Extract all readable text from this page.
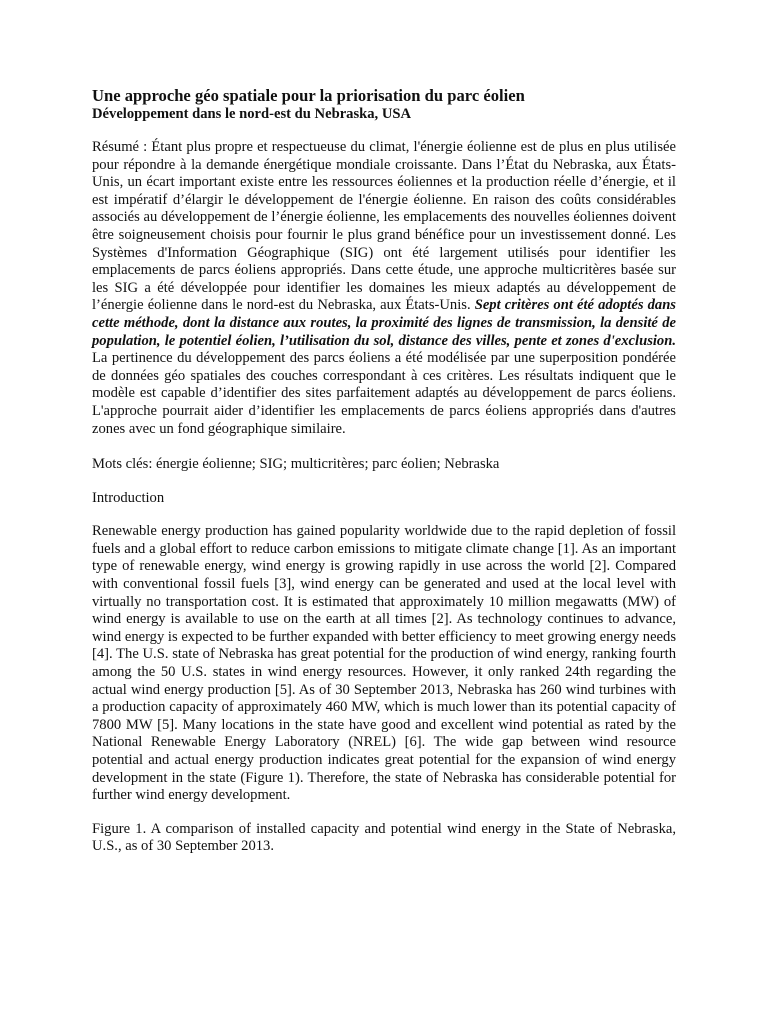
Une approche géo spatiale pour la priorisation du parc éolien
Développement dans le nord-est du Nebraska, USA

Résumé : Étant plus propre et respectueuse du climat, l'énergie éolienne est de plus en plus utilisée pour répondre à la demande énergétique mondiale croissante. Dans l’État du Nebraska, aux États-Unis, un écart important existe entre les ressources éoliennes et la production réelle d’énergie, et il est impératif d’élargir le développement de l'énergie éolienne. En raison des coûts considérables associés au développement de l’énergie éolienne, les emplacements des nouvelles éoliennes doivent être soigneusement choisis pour fournir le plus grand bénéfice pour un investissement donné. Les Systèmes d'Information Géographique (SIG) ont été largement utilisés pour identifier les emplacements de parcs éoliens appropriés. Dans cette étude, une approche multicritères basée sur les SIG a été développée pour identifier les domaines les mieux adaptés au développement de l’énergie éolienne dans le nord-est du Nebraska, aux États-Unis. Sept critères ont été adoptés dans cette méthode, dont la distance aux routes, la proximité des lignes de transmission, la densité de population, le potentiel éolien, l’utilisation du sol, distance des villes, pente et zones d'exclusion. La pertinence du développement des parcs éoliens a été modélisée par une superposition pondérée de données géo spatiales des couches correspondant à ces critères. Les résultats indiquent que le modèle est capable d’identifier des sites parfaitement adaptés au développement de parcs éoliens. L'approche pourrait aider d’identifier les emplacements de parcs éoliens appropriés dans d'autres zones avec un fond géographique similaire.

Mots clés: énergie éolienne; SIG; multicritères; parc éolien; Nebraska

Introduction

Renewable energy production has gained popularity worldwide due to the rapid depletion of fossil fuels and a global effort to reduce carbon emissions to mitigate climate change [1]. As an important type of renewable energy, wind energy is growing rapidly in use across the world [2]. Compared with conventional fossil fuels [3], wind energy can be generated and used at the local level with virtually no transportation cost. It is estimated that approximately 10 million megawatts (MW) of wind energy is available to use on the earth at all times [2]. As technology continues to advance, wind energy is expected to be further expanded with better efficiency to meet growing energy needs [4]. The U.S. state of Nebraska has great potential for the production of wind energy, ranking fourth among the 50 U.S. states in wind energy resources. However, it only ranked 24th regarding the actual wind energy production [5]. As of 30 September 2013, Nebraska has 260 wind turbines with a production capacity of approximately 460 MW, which is much lower than its potential capacity of 7800 MW [5]. Many locations in the state have good and excellent wind potential as rated by the National Renewable Energy Laboratory (NREL) [6]. The wide gap between wind resource potential and actual energy production indicates great potential for the expansion of wind energy development in the state (Figure 1). Therefore, the state of Nebraska has considerable potential for further wind energy development.

Figure 1. A comparison of installed capacity and potential wind energy in the State of Nebraska, U.S., as of 30 September 2013.
